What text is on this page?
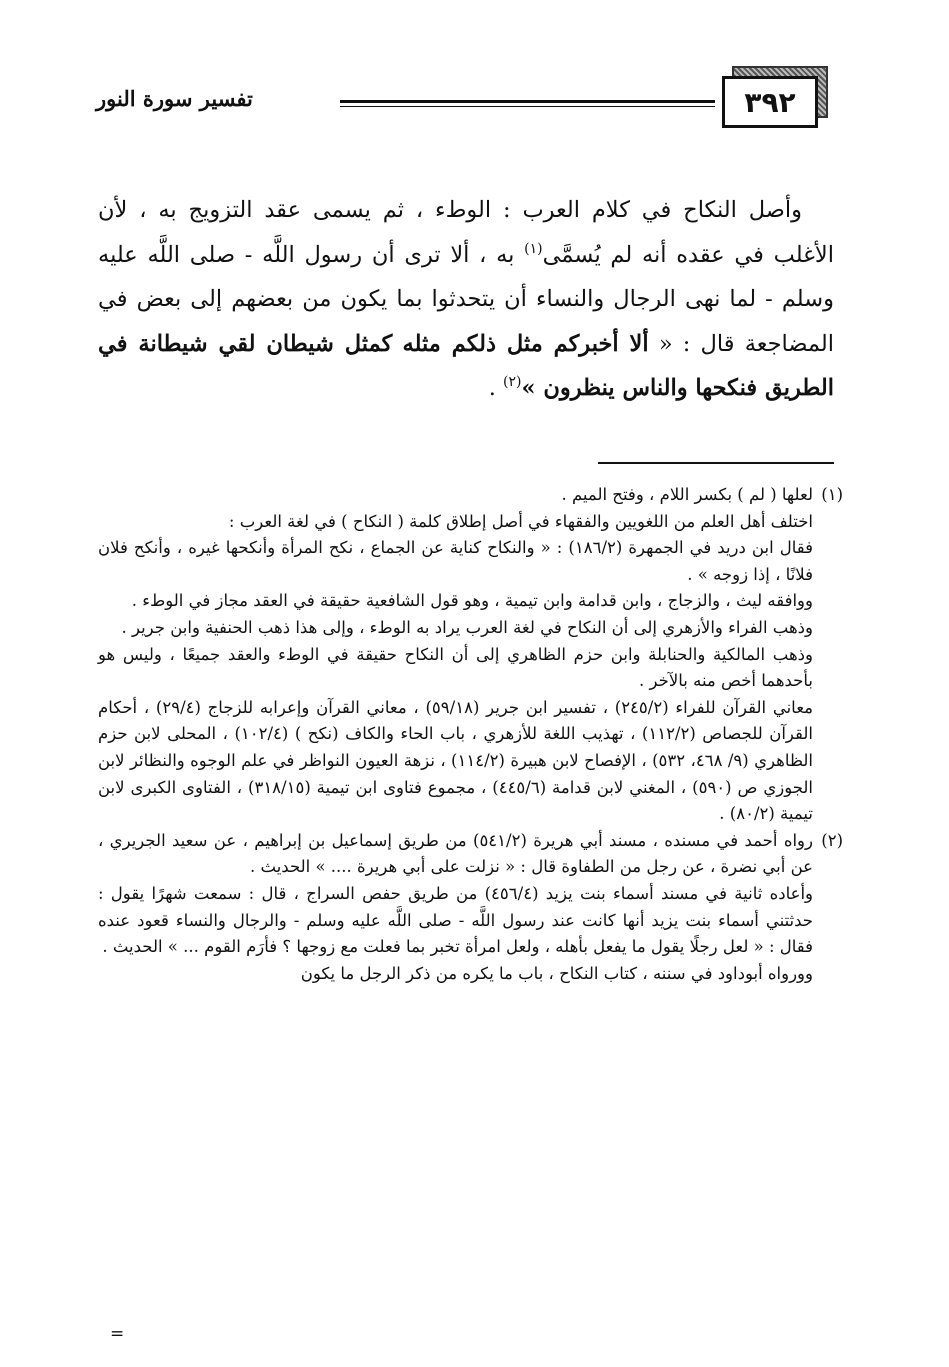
٣٩٢
تفسير سورة النور

وأصل النكاح في كلام العرب : الوطء ، ثم يسمى عقد التزويج به ، لأن الأغلب في عقده أنه لم يُسمَّى$^{(١)}$ به ، ألا ترى أن رسول اللَّه - صلى اللَّه عليه وسلم - لما نهى الرجال والنساء أن يتحدثوا بما يكون من بعضهم إلى بعض في المضاجعة قال : « ألا أخبركم مثل ذلكم مثله كمثل شيطان لقي شيطانة في الطريق فنكحها والناس ينظرون »$^{(٢)}$ .

(١)

لعلها ( لم ) بكسر اللام ، وفتح الميم .

اختلف أهل العلم من اللغويين والفقهاء في أصل إطلاق كلمة ( النكاح ) في لغة العرب :

فقال ابن دريد في الجمهرة (١٨٦/٢) : « والنكاح كناية عن الجماع ، نكح المرأة وأنكحها غيره ، وأنكح فلان فلانًا ، إذا زوجه » .

ووافقه ليث ، والزجاج ، وابن قدامة وابن تيمية ، وهو قول الشافعية حقيقة في العقد مجاز في الوطء .

وذهب الفراء والأزهري إلى أن النكاح في لغة العرب يراد به الوطء ، وإلى هذا ذهب الحنفية وابن جرير .

وذهب المالكية والحنابلة وابن حزم الظاهري إلى أن النكاح حقيقة في الوطء والعقد جميعًا ، وليس هو بأحدهما أخص منه بالآخر .

معاني القرآن للفراء (٢٤٥/٢) ، تفسير ابن جرير (٥٩/١٨) ، معاني القرآن وإعرابه للزجاج (٢٩/٤) ، أحكام القرآن للجصاص (١١٢/٢) ، تهذيب اللغة للأزهري ، باب الحاء والكاف (نكح ) (١٠٢/٤) ، المحلى لابن حزم الظاهري (٩/ ٤٦٨، ٥٣٢) ، الإفصاح لابن هبيرة (١١٤/٢) ، نزهة العيون النواظر في علم الوجوه والنظائر لابن الجوزي ص (٥٩٠) ، المغني لابن قدامة (٤٤٥/٦) ، مجموع فتاوى ابن تيمية (٣١٨/١٥) ، الفتاوى الكبرى لابن تيمية (٨٠/٢) .

(٢)

رواه أحمد في مسنده ، مسند أبي هريرة (٥٤١/٢) من طريق إسماعيل بن إبراهيم ، عن سعيد الجريري ، عن أبي نضرة ، عن رجل من الطفاوة قال : « نزلت على أبي هريرة .... » الحديث .

وأعاده ثانية في مسند أسماء بنت يزيد (٤٥٦/٤) من طريق حفص السراج ، قال : سمعت شهرًا يقول : حدثتني أسماء بنت يزيد أنها كانت عند رسول اللَّه - صلى اللَّه عليه وسلم - والرجال والنساء قعود عنده فقال : « لعل رجلًا يقول ما يفعل بأهله ، ولعل امرأة تخبر بما فعلت مع زوجها ؟ فأرَم القوم ... » الحديث .

وورواه أبوداود في سننه ، كتاب النكاح ، باب ما يكره من ذكر الرجل ما يكون

=
